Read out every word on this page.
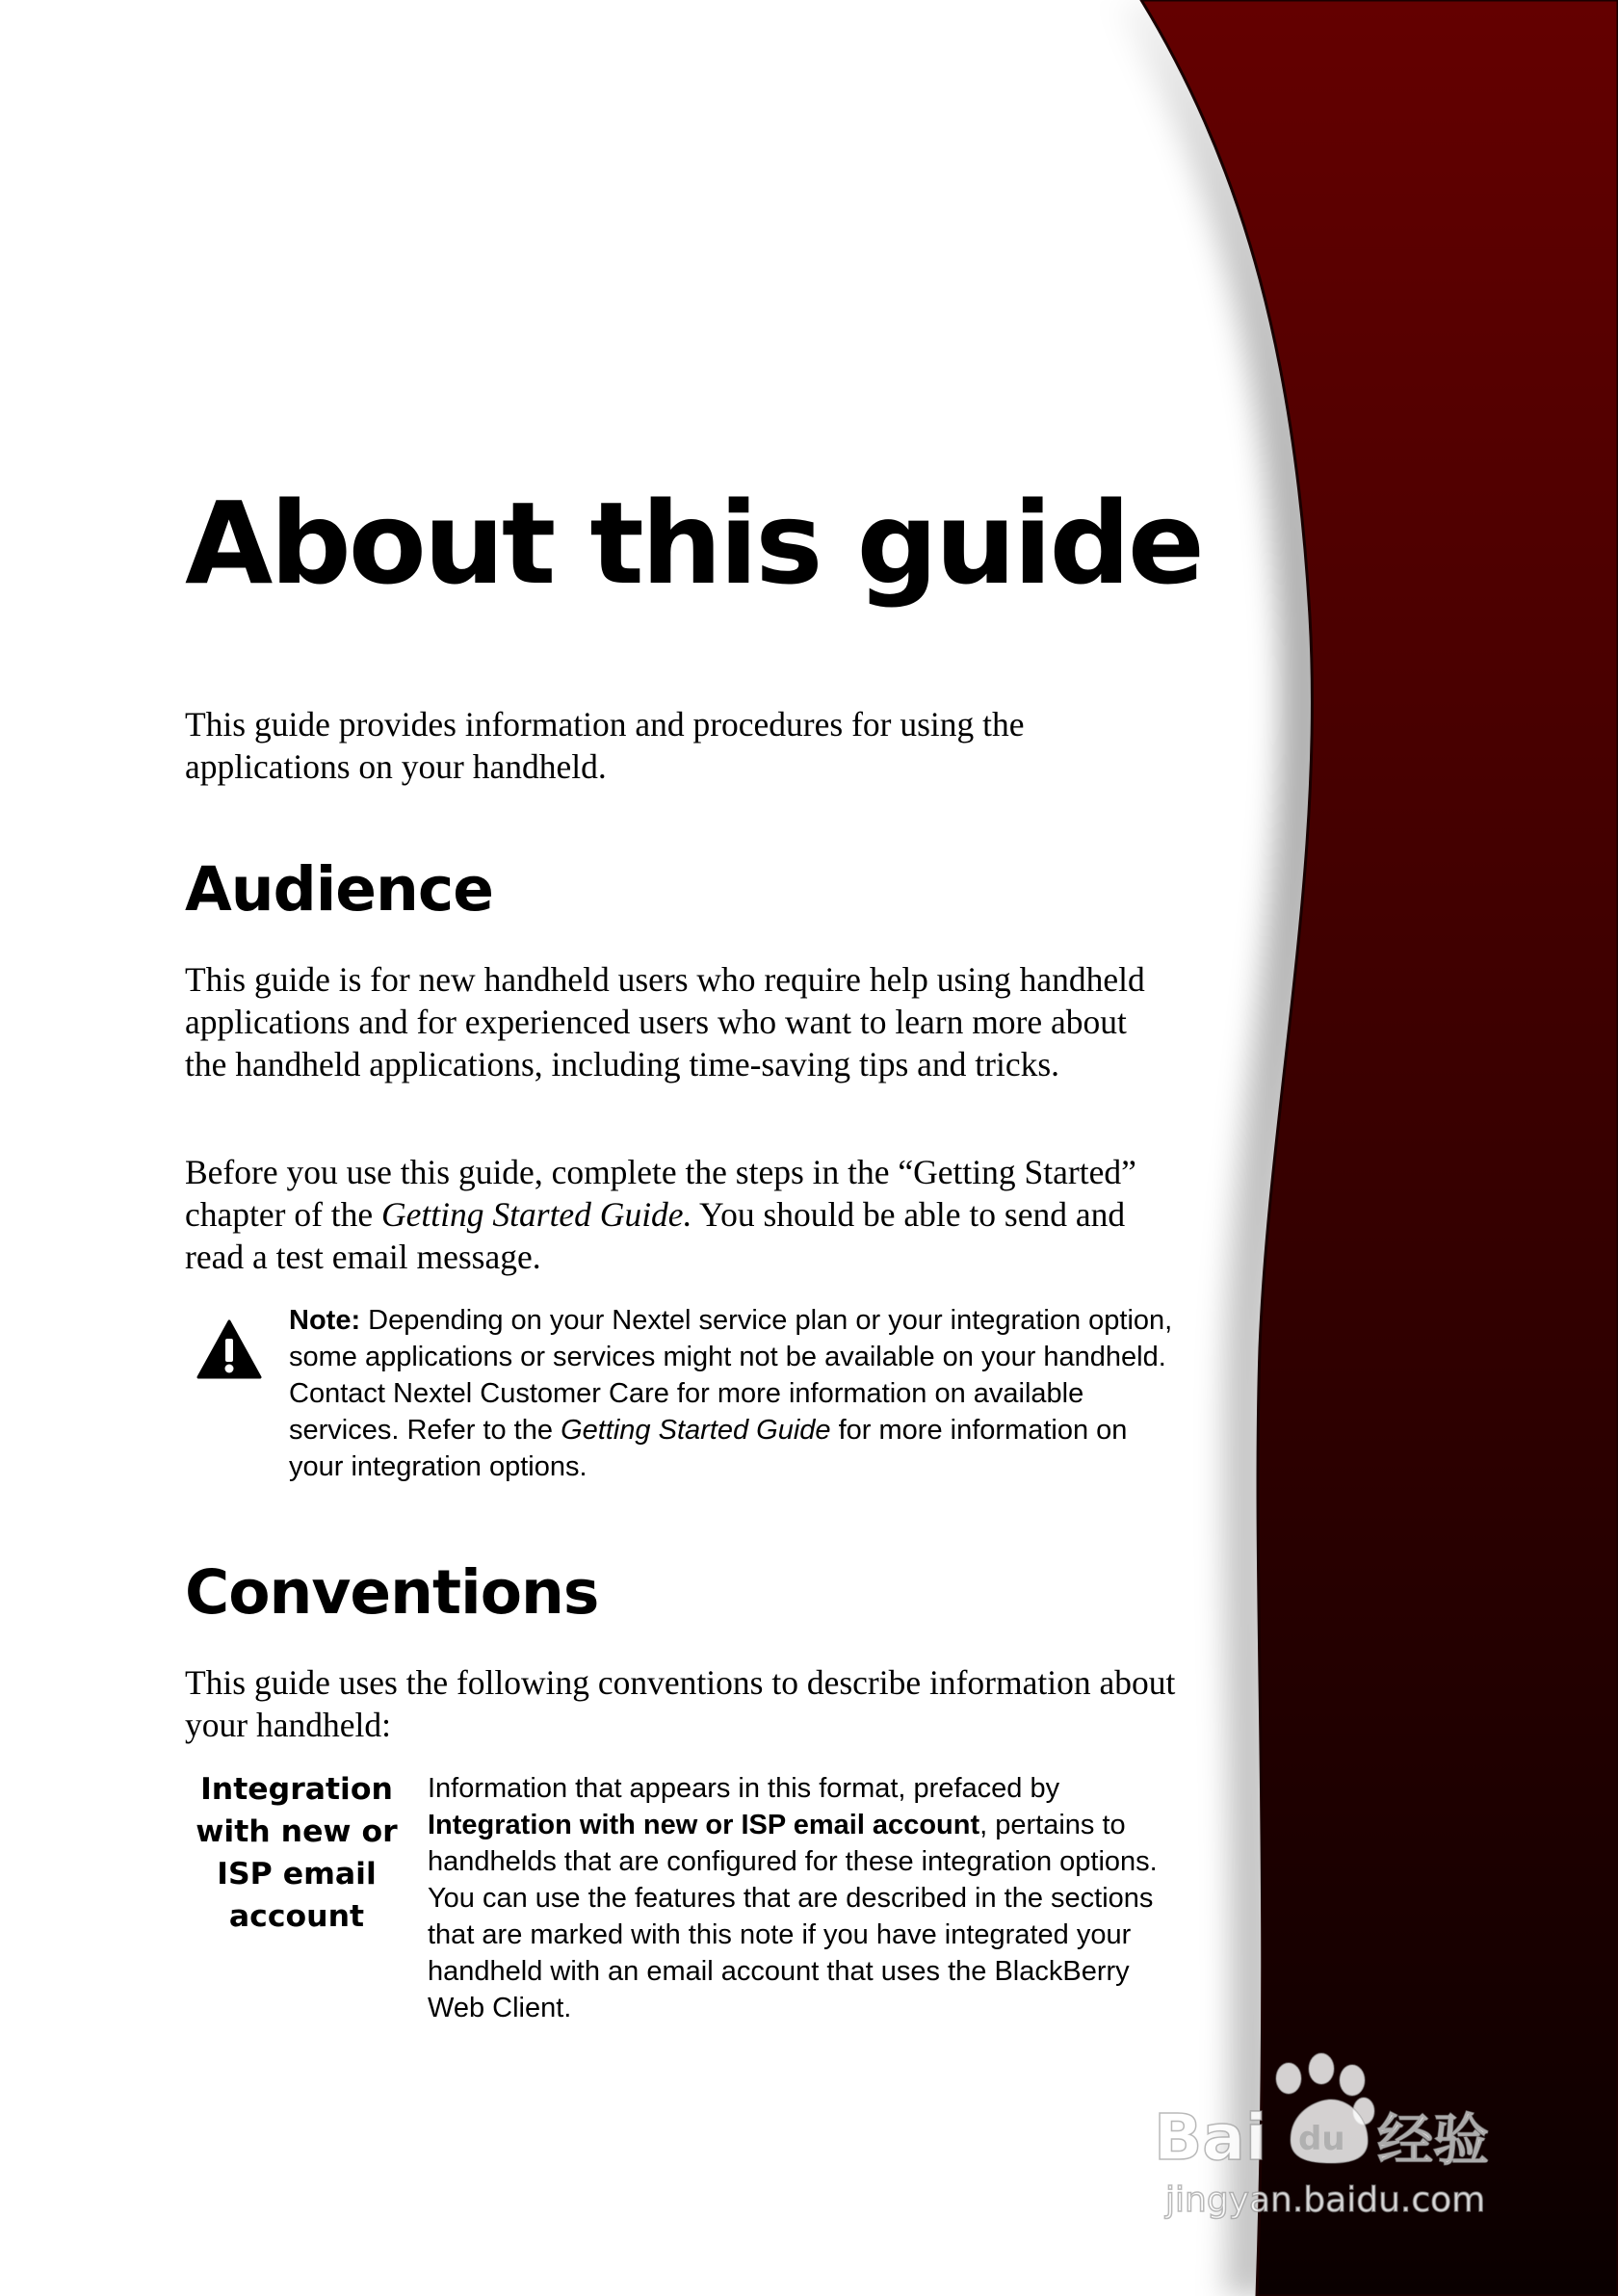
About this guide

This guide provides information and procedures for using the applications on your handheld.

Audience

This guide is for new handheld users who require help using handheld applications and for experienced users who want to learn more about the handheld applications, including time-saving tips and tricks.

Before you use this guide, complete the steps in the “Getting Started” chapter of the Getting Started Guide. You should be able to send and read a test email message.

Note: Depending on your Nextel service plan or your integration option, some applications or services might not be available on your handheld. Contact Nextel Customer Care for more information on available services. Refer to the Getting Started Guide for more information on your integration options.

Conventions

This guide uses the following conventions to describe information about your handheld:

Integration with new or ISP email account

Information that appears in this format, prefaced by Integration with new or ISP email account, pertains to handhelds that are configured for these integration options. You can use the features that are described in the sections that are marked with this note if you have integrated your handheld with an email account that uses the BlackBerry Web Client.

Bai du 经验
jingyan.baidu.com
